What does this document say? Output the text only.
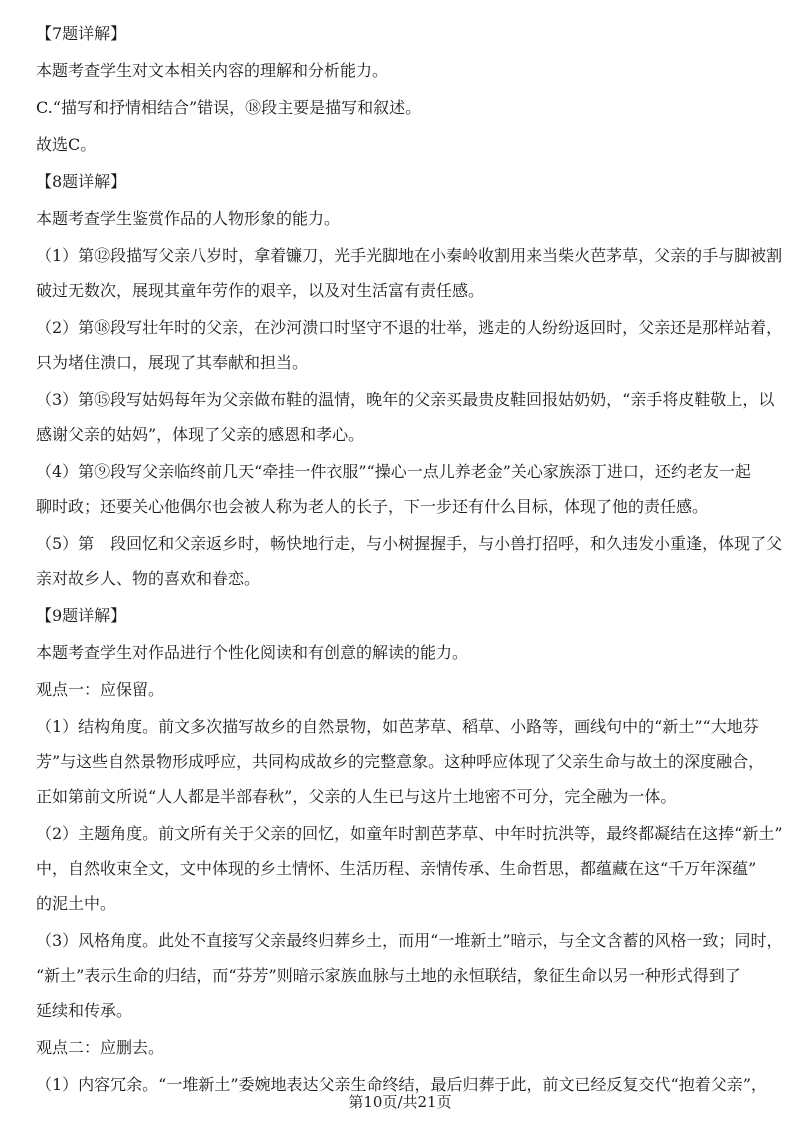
【7题详解】
本题考查学生对文本相关内容的理解和分析能力。
C.“描写和抒情相结合”错误，⑱段主要是描写和叙述。
故选C。
【8题详解】
本题考查学生鉴赏作品的人物形象的能力。
（1）第⑫段描写父亲八岁时，拿着镰刀，光手光脚地在小秦岭收割用来当柴火芭茅草，父亲的手与脚被割
破过无数次，展现其童年劳作的艰辛，以及对生活富有责任感。
（2）第⑱段写壮年时的父亲，在沙河溃口时坚守不退的壮举，逃走的人纷纷返回时，父亲还是那样站着，
只为堵住溃口，展现了其奉献和担当。
（3）第⑮段写姑妈每年为父亲做布鞋的温情，晚年的父亲买最贵皮鞋回报姑奶奶，“亲手将皮鞋敬上，以
感谢父亲的姑妈”，体现了父亲的感恩和孝心。
（4）第⑨段写父亲临终前几天“牵挂一件衣服”“操心一点儿养老金”关心家族添丁进口，还约老友一起
聊时政；还要关心他偶尔也会被人称为老人的长子，下一步还有什么目标，体现了他的责任感。
（5）第　段回忆和父亲返乡时，畅快地行走，与小树握握手，与小兽打招呼，和久违发小重逢，体现了父
亲对故乡人、物的喜欢和眷恋。
【9题详解】
本题考查学生对作品进行个性化阅读和有创意的解读的能力。
观点一：应保留。
（1）结构角度。前文多次描写故乡的自然景物，如芭茅草、稻草、小路等，画线句中的“新土”“大地芬
芳”与这些自然景物形成呼应，共同构成故乡的完整意象。这种呼应体现了父亲生命与故土的深度融合，
正如第前文所说“人人都是半部春秋”，父亲的人生已与这片土地密不可分，完全融为一体。
（2）主题角度。前文所有关于父亲的回忆，如童年时割芭茅草、中年时抗洪等，最终都凝结在这捧“新土”
中，自然收束全文，文中体现的乡土情怀、生活历程、亲情传承、生命哲思，都蕴藏在这“千万年深蕴”
的泥土中。
（3）风格角度。此处不直接写父亲最终归葬乡土，而用“一堆新土”暗示，与全文含蓄的风格一致；同时，
“新土”表示生命的归结，而“芬芳”则暗示家族血脉与土地的永恒联结，象征生命以另一种形式得到了
延续和传承。
观点二：应删去。
（1）内容冗余。“一堆新土”委婉地表达父亲生命终结，最后归葬于此，前文已经反复交代“抱着父亲”，
第10页/共21页
